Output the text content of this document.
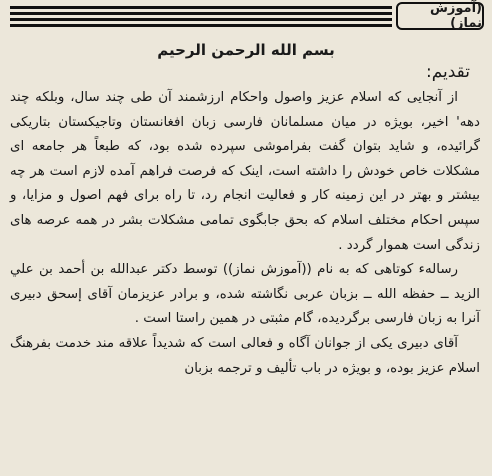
(آموزش نماز)
بسم الله الرحمن الرحیم
تقدیم:

از آنجایی که اسلام عزیز واصول واحکام ارزشمند آن طی چند سال، وبلکه چند دهه' اخیر، بویژه در میان مسلمانان فارسی زبان افغانستان وتاجیکستان بتاریکی گرائیده، و شاید بتوان گفت بفراموشی سپرده شده بود، که طبعاً هر جامعه ای مشکلات خاص خودش را داشته است، اینک که فرصت فراهم آمده لازم است هر چه بیشتر و بهتر در این زمینه کار و فعالیت انجام رد، تا راه برای فهم اصول و مزایا، و سپس احکام مختلف اسلام که بحق جابگوی تمامی مشکلات بشر در همه عرصه های زندگی است هموار گردد .

رسالهء کوتاهی که به نام ((آموزش نماز)) توسط دکتر عبدالله بن أحمد بن علي الزيد ــ حفظه الله ــ بزبان عربی نگاشته شده، و برادر عزیزمان آقای إسحق دبیری آنرا به زبان فارسی برگردیده، گام مثبتی در همین راستا است .

آقای دبیری یکی از جوانان آگاه و فعالی است که شدیداً علاقه مند خدمت بفرهنگ اسلام عزیز بوده، و بویژه در باب تألیف و ترجمه بزبان
